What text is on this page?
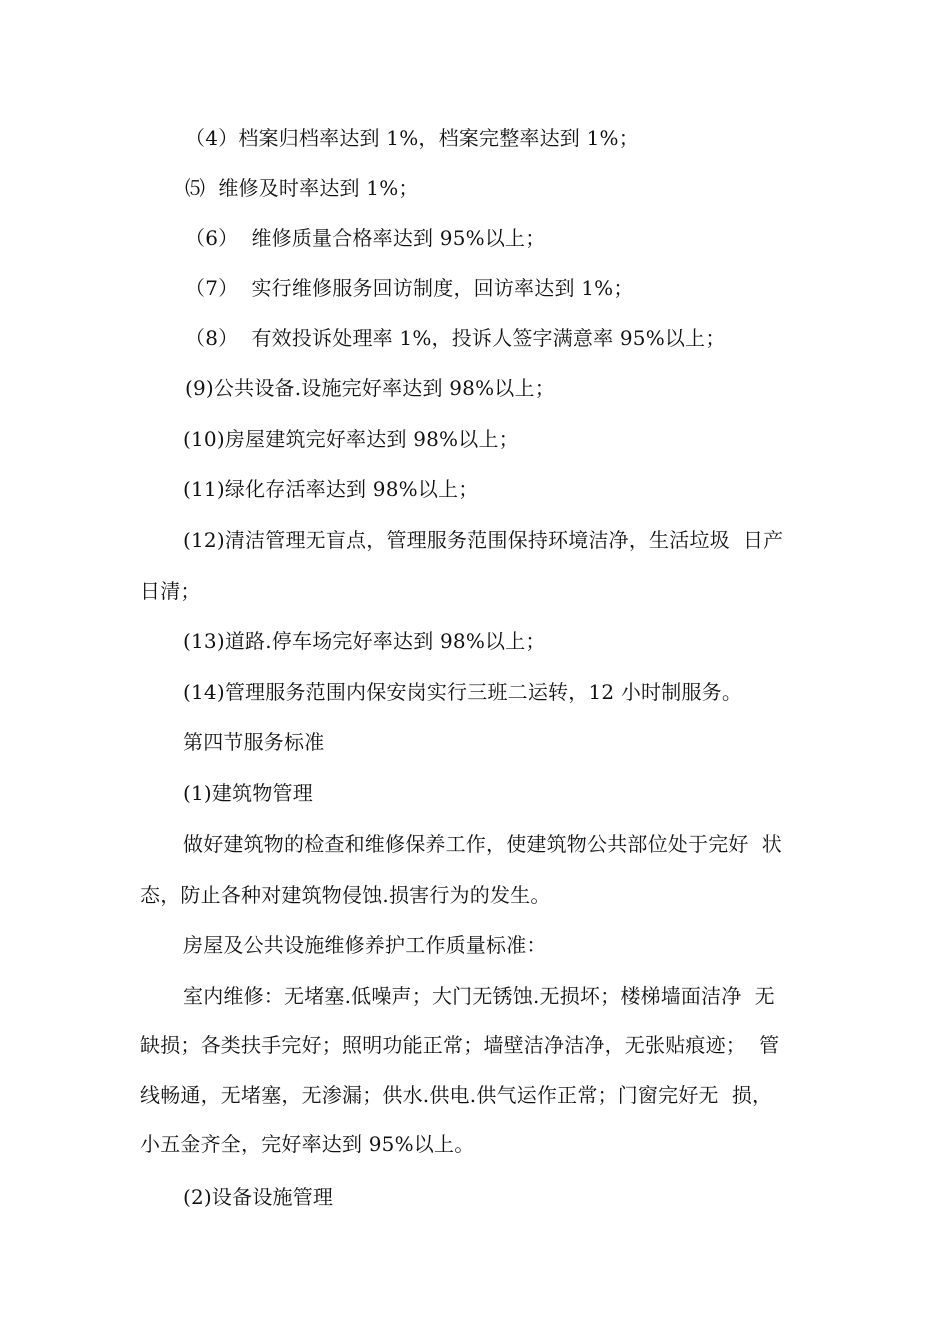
（4）档案归档率达到 1%，档案完整率达到 1%；
⑸  维修及时率达到 1%；
（6）  维修质量合格率达到 95%以上；
（7）  实行维修服务回访制度，回访率达到 1%；
（8）  有效投诉处理率 1%，投诉人签字满意率 95%以上；
(9)公共设备.设施完好率达到 98%以上；
(10)房屋建筑完好率达到 98%以上；
(11)绿化存活率达到 98%以上；
(12)清洁管理无盲点，管理服务范围保持环境洁净，生活垃圾  日产
日清；
(13)道路.停车场完好率达到 98%以上；
(14)管理服务范围内保安岗实行三班二运转，12 小时制服务。
第四节服务标准
(1)建筑物管理
做好建筑物的检查和维修保养工作，使建筑物公共部位处于完好  状
态，防止各种对建筑物侵蚀.损害行为的发生。
房屋及公共设施维修养护工作质量标准：
室内维修：无堵塞.低噪声；大门无锈蚀.无损坏；楼梯墙面洁净  无
缺损；各类扶手完好；照明功能正常；墙壁洁净洁净，无张贴痕迹；  管
线畅通，无堵塞，无渗漏；供水.供电.供气运作正常；门窗完好无  损，
小五金齐全，完好率达到 95%以上。
(2)设备设施管理
